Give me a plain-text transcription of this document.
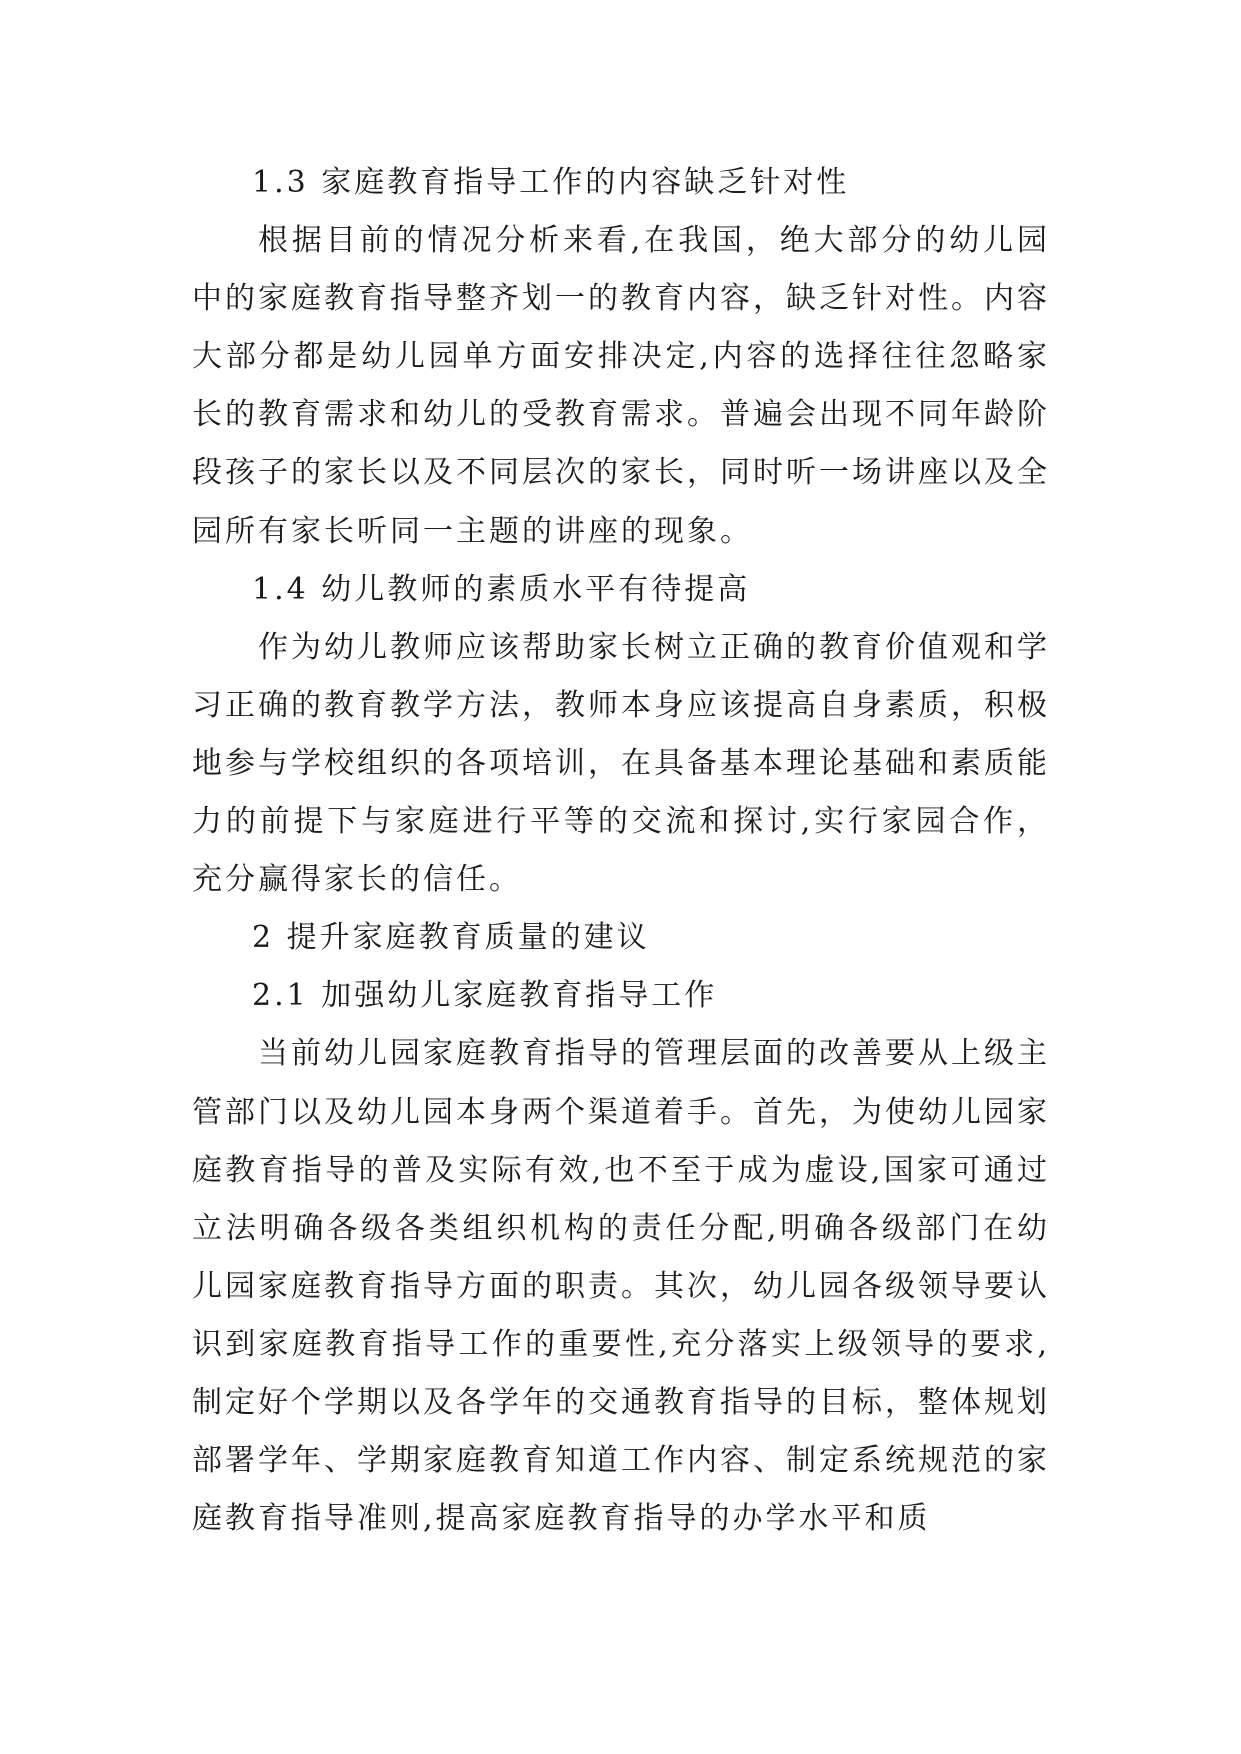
1.3 家庭教育指导工作的内容缺乏针对性

根据目前的情况分析来看,在我国，绝大部分的幼儿园中的家庭教育指导整齐划一的教育内容，缺乏针对性。内容大部分都是幼儿园单方面安排决定,内容的选择往往忽略家长的教育需求和幼儿的受教育需求。普遍会出现不同年龄阶段孩子的家长以及不同层次的家长，同时听一场讲座以及全园所有家长听同一主题的讲座的现象。

1.4 幼儿教师的素质水平有待提高

作为幼儿教师应该帮助家长树立正确的教育价值观和学习正确的教育教学方法，教师本身应该提高自身素质，积极地参与学校组织的各项培训，在具备基本理论基础和素质能力的前提下与家庭进行平等的交流和探讨,实行家园合作，充分赢得家长的信任。

2 提升家庭教育质量的建议

2.1 加强幼儿家庭教育指导工作

当前幼儿园家庭教育指导的管理层面的改善要从上级主管部门以及幼儿园本身两个渠道着手。首先，为使幼儿园家庭教育指导的普及实际有效,也不至于成为虚设,国家可通过立法明确各级各类组织机构的责任分配,明确各级部门在幼儿园家庭教育指导方面的职责。其次，幼儿园各级领导要认识到家庭教育指导工作的重要性,充分落实上级领导的要求,制定好个学期以及各学年的交通教育指导的目标，整体规划部署学年、学期家庭教育知道工作内容、制定系统规范的家庭教育指导准则,提高家庭教育指导的办学水平和质
